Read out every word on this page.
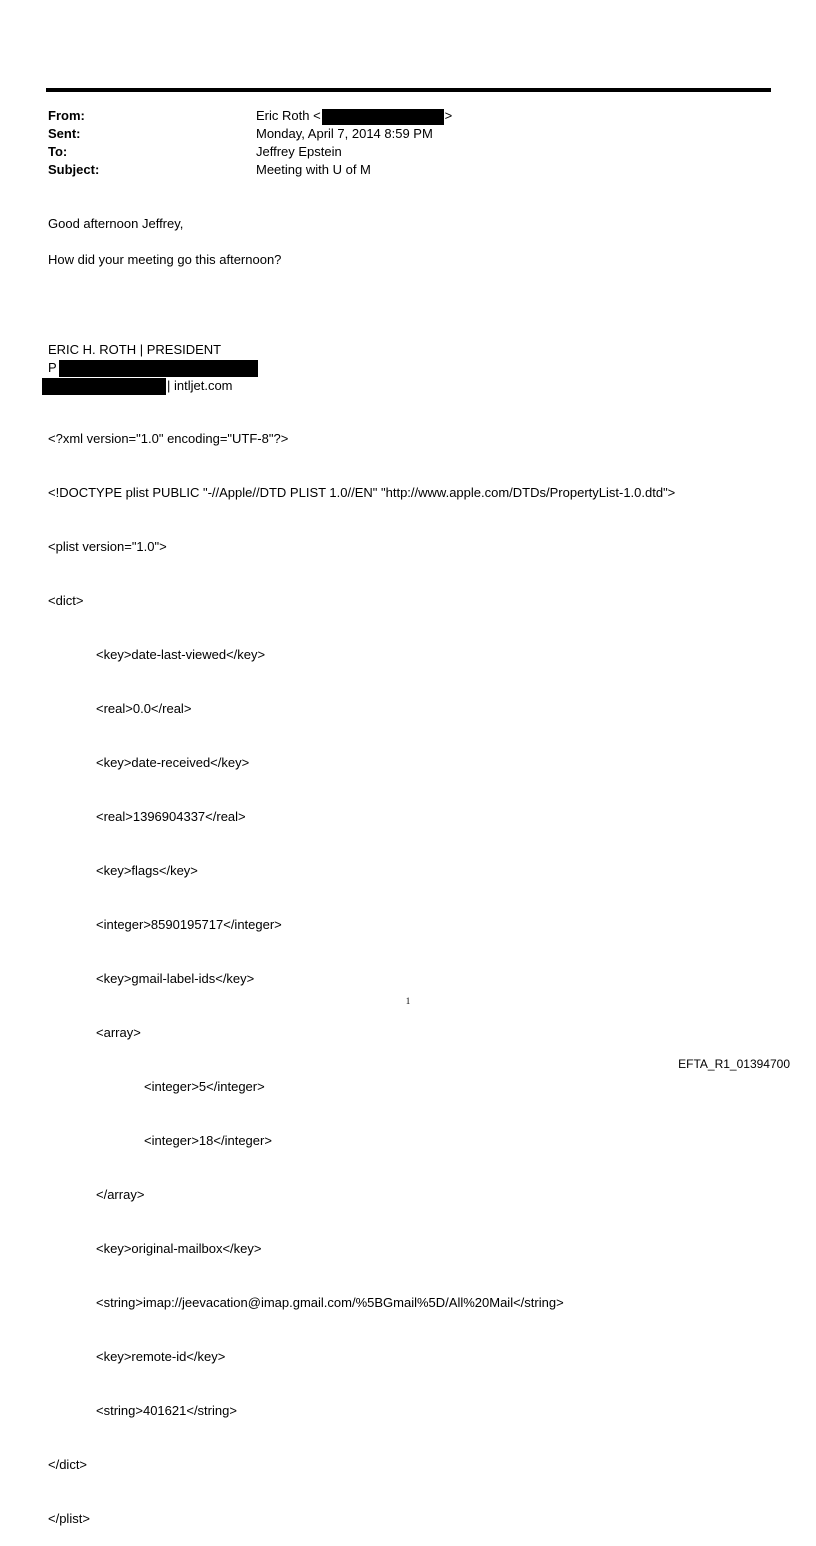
From:	Eric Roth <	>
Sent:	Monday, April 7, 2014 8:59 PM
To:	Jeffrey Epstein
Subject:	Meeting with U of M
Good afternoon Jeffrey,
How did your meeting go this afternoon?
ERIC H. ROTH | PRESIDENT
P
| intljet.com

<?xml version="1.0" encoding="UTF-8"?>

<!DOCTYPE plist PUBLIC "-//Apple//DTD PLIST 1.0//EN" "http://www.apple.com/DTDs/PropertyList-1.0.dtd">

<plist version="1.0">

<dict>

<key>date-last-viewed</key>

<real>0.0</real>

<key>date-received</key>

<real>1396904337</real>

<key>flags</key>

<integer>8590195717</integer>

<key>gmail-label-ids</key>

<array>

<integer>5</integer>

<integer>18</integer>

</array>

<key>original-mailbox</key>

<string>imap://jeevacation@imap.gmail.com/%5BGmail%5D/All%20Mail</string>

<key>remote-id</key>

<string>401621</string>

</dict>

</plist>

1
EFTA_R1_01394700
